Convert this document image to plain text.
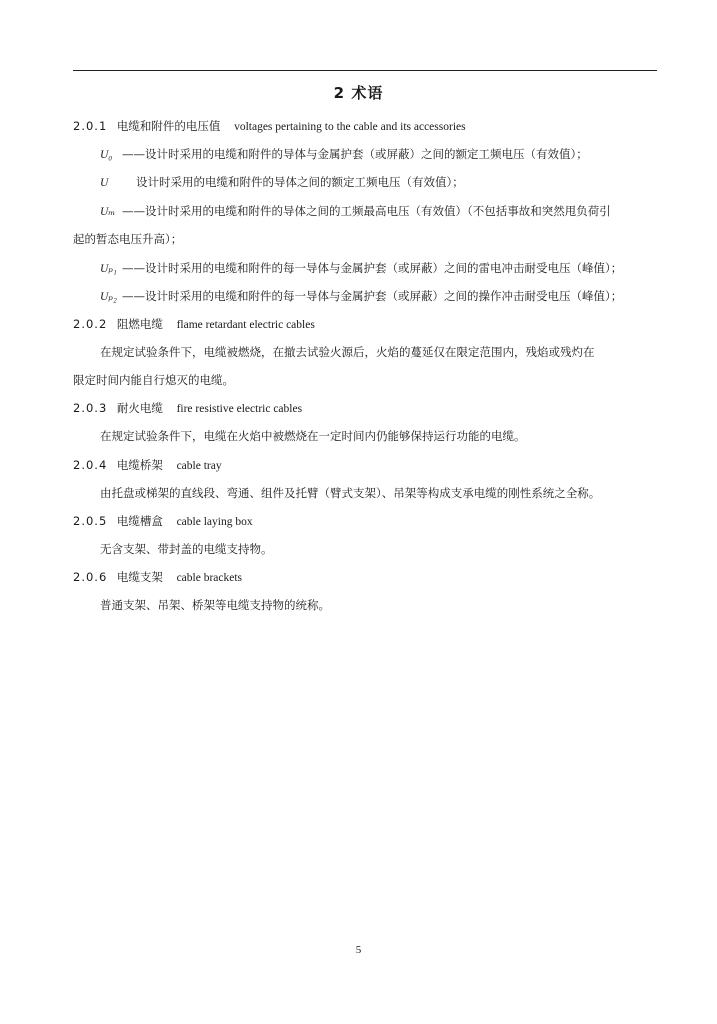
2 术语
2.0.1 电缆和附件的电压值 voltages pertaining to the cable and its accessories
U₀ ——设计时采用的电缆和附件的导体与金属护套（或屏蔽）之间的额定工频电压（有效值）；
U 设计时采用的电缆和附件的导体之间的额定工频电压（有效值）；
Uₘ ——设计时采用的电缆和附件的导体之间的工频最高电压（有效值）（不包括事故和突然甩负荷引
起的暂态电压升高）；
Uₚ₁ ——设计时采用的电缆和附件的每一导体与金属护套（或屏蔽）之间的雷电冲击耐受电压（峰值）；
Uₚ₂ ——设计时采用的电缆和附件的每一导体与金属护套（或屏蔽）之间的操作冲击耐受电压（峰值）；
2.0.2 阻燃电缆 flame retardant electric cables
在规定试验条件下，电缆被燃烧，在撤去试验火源后，火焰的蔓延仅在限定范围内，残焰或残灼在
限定时间内能自行熄灭的电缆。
2.0.3 耐火电缆 fire resistive electric cables
在规定试验条件下，电缆在火焰中被燃烧在一定时间内仍能够保持运行功能的电缆。
2.0.4 电缆桥架 cable tray
由托盘或梯架的直线段、弯通、组件及托臂（臂式支架）、吊架等构成支承电缆的刚性系统之全称。
2.0.5 电缆槽盒 cable laying box
无含支架、带封盖的电缆支持物。
2.0.6 电缆支架 cable brackets
普通支架、吊架、桥架等电缆支持物的统称。
5
